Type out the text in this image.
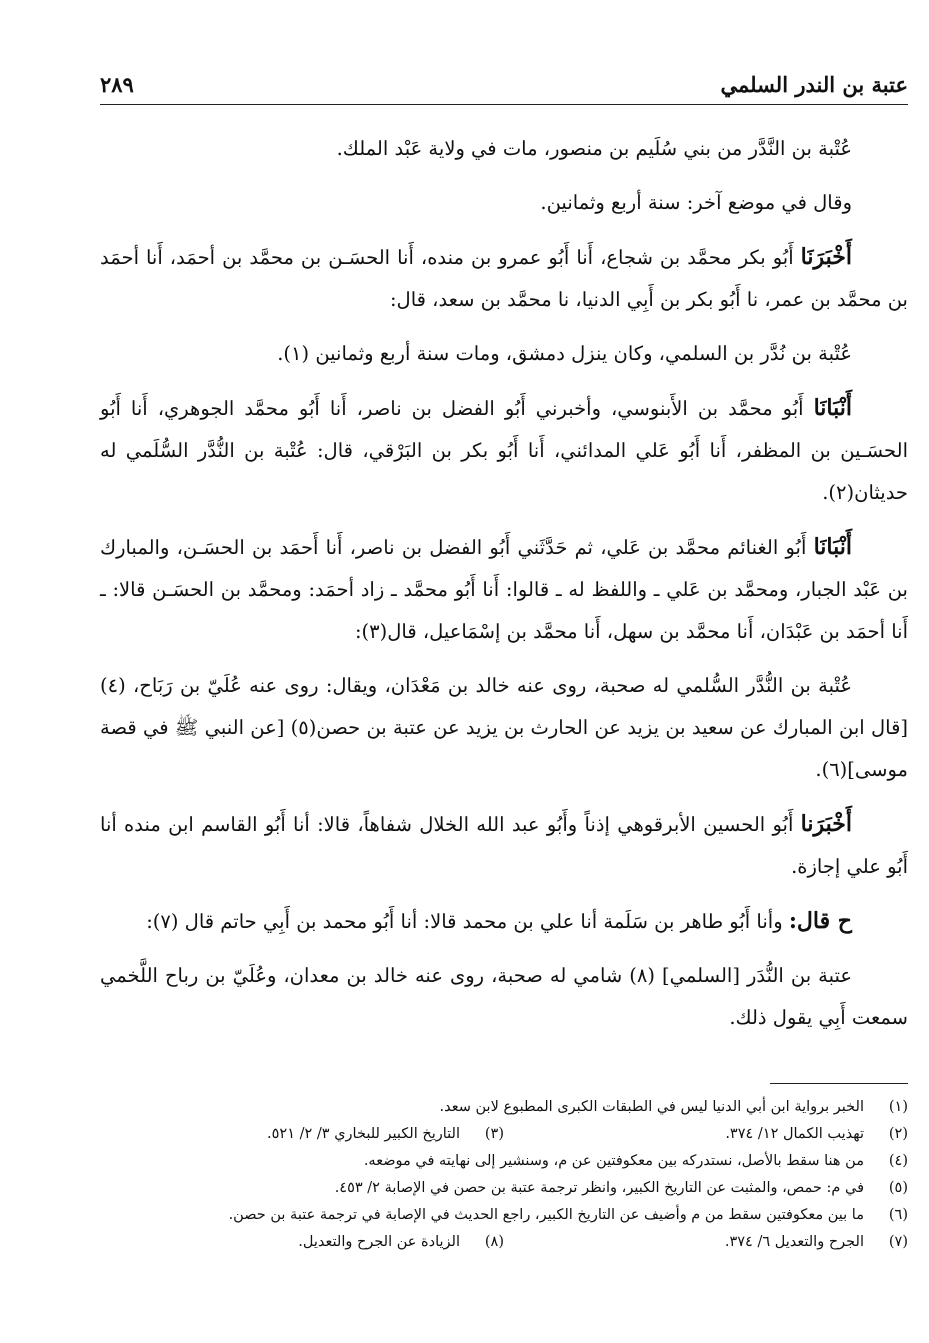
عتبة بن الندر السلمي
٢٨٩

عُتْبة بن النَّدَّر من بني سُلَيم بن منصور، مات في ولاية عَبْد الملك.

وقال في موضع آخر: سنة أربع وثمانين.

أَخْبَرَنَا أَبُو بكر محمَّد بن شجاع، أَنا أَبُو عمرو بن منده، أَنا الحسَـن بن محمَّد بن أحمَد، أَنا أحمَد بن محمَّد بن عمر، نا أَبُو بكر بن أَبِي الدنيا، نا محمَّد بن سعد، قال:

عُتْبة بن نُدَّر بن السلمي، وكان ينزل دمشق، ومات سنة أربع وثمانين (١).

أَنْبَانَا أَبُو محمَّد بن الأَبنوسي، وأخبرني أَبُو الفضل بن ناصر، أَنا أَبُو محمَّد الجوهري، أَنا أَبُو الحسَـين بن المظفر، أَنا أَبُو عَلي المدائني، أَنا أَبُو بكر بن البَرْقي، قال: عُتْبة بن النُّدَّر السُّلَمي له حديثان(٢).

أَنْبَانَا أَبُو الغنائم محمَّد بن عَلي، ثم حَدَّثَني أَبُو الفضل بن ناصر، أَنا أَحمَد بن الحسَـن، والمبارك بن عَبْد الجبار، ومحمَّد بن عَلي ـ واللفظ له ـ قالوا: أَنا أَبُو محمَّد ـ زاد أحمَد: ومحمَّد بن الحسَـن قالا: ـ أَنا أحمَد بن عَبْدَان، أَنا محمَّد بن سهل، أَنا محمَّد بن إسْمَاعيل، قال(٣):

عُتْبة بن النُّدَّر السُّلمي له صحبة، روى عنه خالد بن مَعْدَان، ويقال: روى عنه عُلَيّ بن رَبَاح، (٤) [قال ابن المبارك عن سعيد بن يزيد عن الحارث بن يزيد عن عتبة بن حصن(٥) [عن النبي ﷺ في قصة موسى](٦).

أَخْبَرَنا أَبُو الحسين الأبرقوهي إذناً وأَبُو عبد الله الخلال شفاهاً، قالا: أنا أَبُو القاسم ابن منده أنا أَبُو علي إجازة.

ح قال: وأنا أَبُو طاهر بن سَلَمة أنا علي بن محمد قالا: أنا أَبُو محمد بن أَبِي حاتم قال (٧):

عتبة بن النُّدَر [السلمي] (٨) شامي له صحبة، روى عنه خالد بن معدان، وعُلَيّ بن رباح اللَّخمي سمعت أَبِي يقول ذلك.

(١)
الخبر برواية ابن أبي الدنيا ليس في الطبقات الكبرى المطبوع لابن سعد.
(٢)
تهذيب الكمال ١٢/ ٣٧٤.
(٣)
التاريخ الكبير للبخاري ٣/ ٢/ ٥٢١.
(٤)
من هنا سقط بالأصل، نستدركه بين معكوفتين عن م، وسنشير إلى نهايته في موضعه.
(٥)
في م: حمص، والمثبت عن التاريخ الكبير، وانظر ترجمة عتبة بن حصن في الإصابة ٢/ ٤٥٣.
(٦)
ما بين معكوفتين سقط من م وأضيف عن التاريخ الكبير، راجع الحديث في الإصابة في ترجمة عتبة بن حصن.
(٧)
الجرح والتعديل ٦/ ٣٧٤.
(٨)
الزيادة عن الجرح والتعديل.
